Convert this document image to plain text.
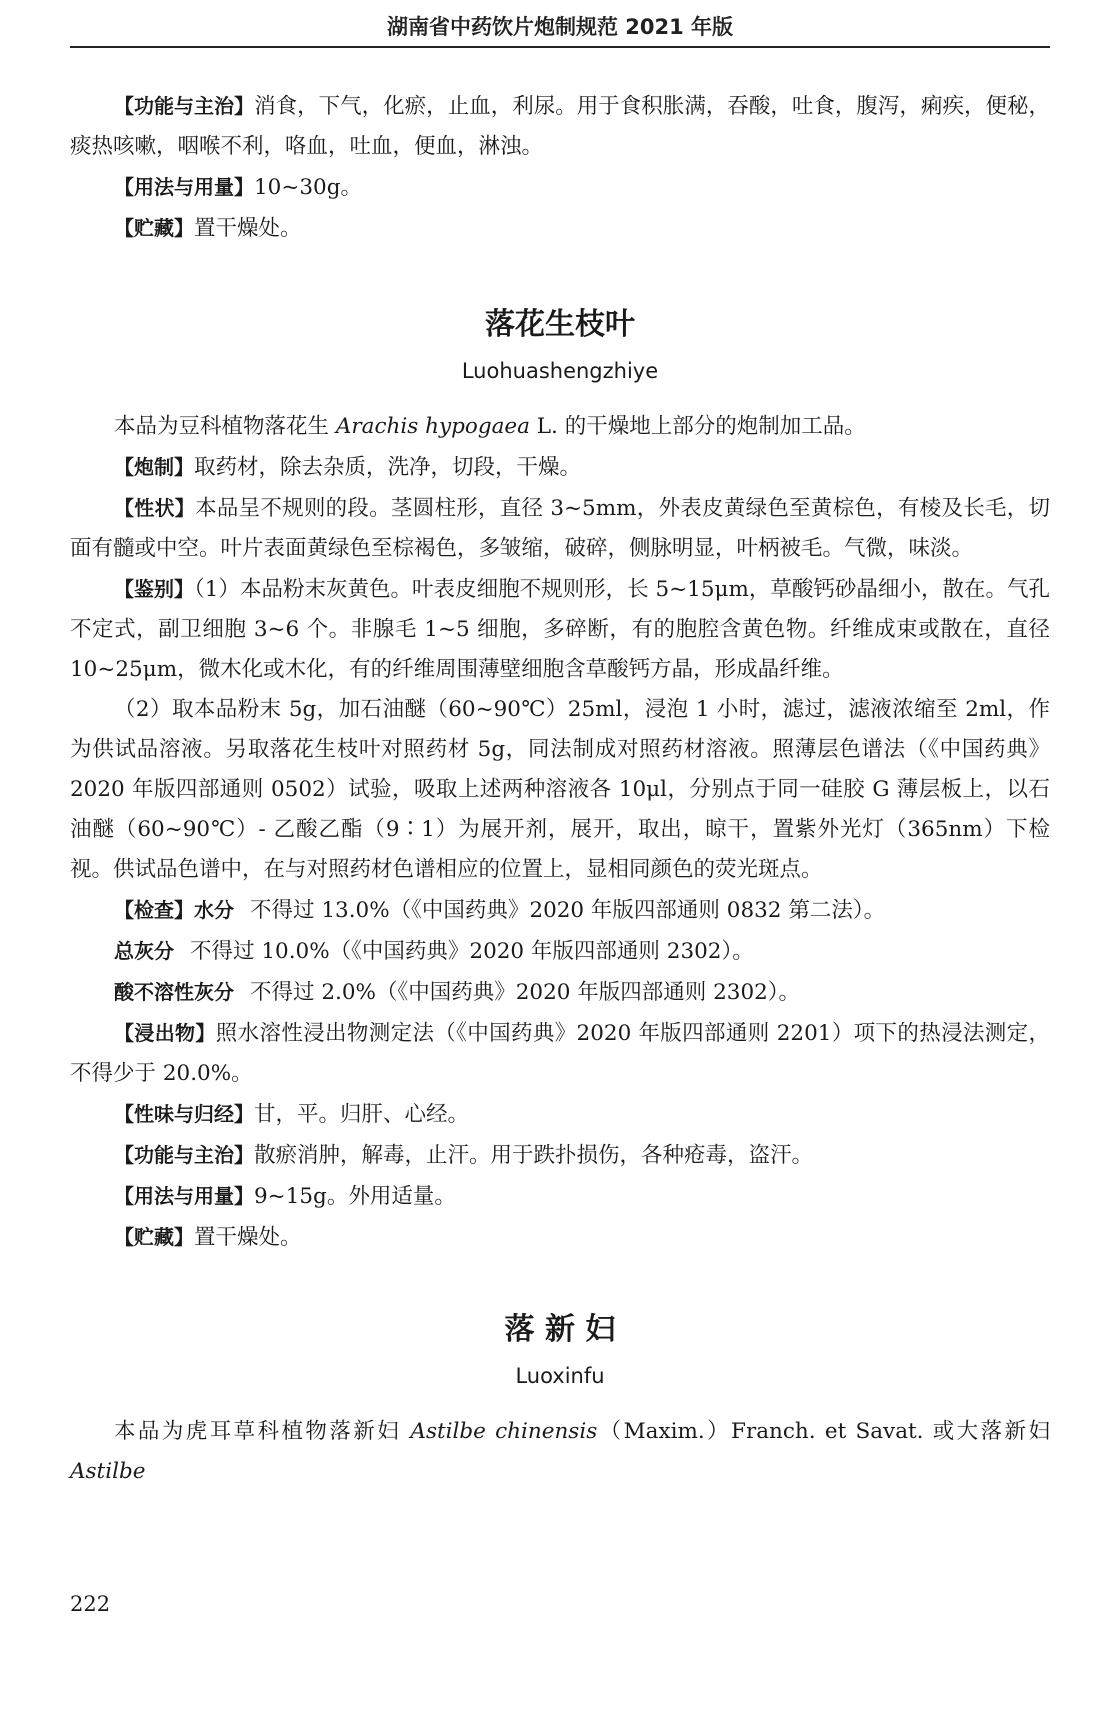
湖南省中药饮片炮制规范 2021 年版

【功能与主治】消食，下气，化瘀，止血，利尿。用于食积胀满，吞酸，吐食，腹泻，痢疾，便秘，痰热咳嗽，咽喉不利，咯血，吐血，便血，淋浊。

【用法与用量】10~30g。

【贮藏】置干燥处。

落花生枝叶
Luohuashengzhiye

本品为豆科植物落花生 Arachis hypogaea L. 的干燥地上部分的炮制加工品。

【炮制】取药材，除去杂质，洗净，切段，干燥。

【性状】本品呈不规则的段。茎圆柱形，直径 3~5mm，外表皮黄绿色至黄棕色，有棱及长毛，切面有髓或中空。叶片表面黄绿色至棕褐色，多皱缩，破碎，侧脉明显，叶柄被毛。气微，味淡。

【鉴别】（1）本品粉末灰黄色。叶表皮细胞不规则形，长 5~15μm，草酸钙砂晶细小，散在。气孔不定式，副卫细胞 3~6 个。非腺毛 1~5 细胞，多碎断，有的胞腔含黄色物。纤维成束或散在，直径 10~25μm，微木化或木化，有的纤维周围薄壁细胞含草酸钙方晶，形成晶纤维。

（2）取本品粉末 5g，加石油醚（60~90℃）25ml，浸泡 1 小时，滤过，滤液浓缩至 2ml，作为供试品溶液。另取落花生枝叶对照药材 5g，同法制成对照药材溶液。照薄层色谱法（《中国药典》2020 年版四部通则 0502）试验，吸取上述两种溶液各 10μl，分别点于同一硅胶 G 薄层板上，以石油醚（60~90℃）- 乙酸乙酯（9∶1）为展开剂，展开，取出，晾干，置紫外光灯（365nm）下检视。供试品色谱中，在与对照药材色谱相应的位置上，显相同颜色的荧光斑点。

【检查】水分 不得过 13.0%（《中国药典》2020 年版四部通则 0832 第二法）。

总灰分 不得过 10.0%（《中国药典》2020 年版四部通则 2302）。

酸不溶性灰分 不得过 2.0%（《中国药典》2020 年版四部通则 2302）。

【浸出物】照水溶性浸出物测定法（《中国药典》2020 年版四部通则 2201）项下的热浸法测定，不得少于 20.0%。

【性味与归经】甘，平。归肝、心经。

【功能与主治】散瘀消肿，解毒，止汗。用于跌扑损伤，各种疮毒，盗汗。

【用法与用量】9~15g。外用适量。

【贮藏】置干燥处。

落 新 妇
Luoxinfu

本品为虎耳草科植物落新妇 Astilbe chinensis（Maxim.）Franch. et Savat. 或大落新妇 Astilbe

222
